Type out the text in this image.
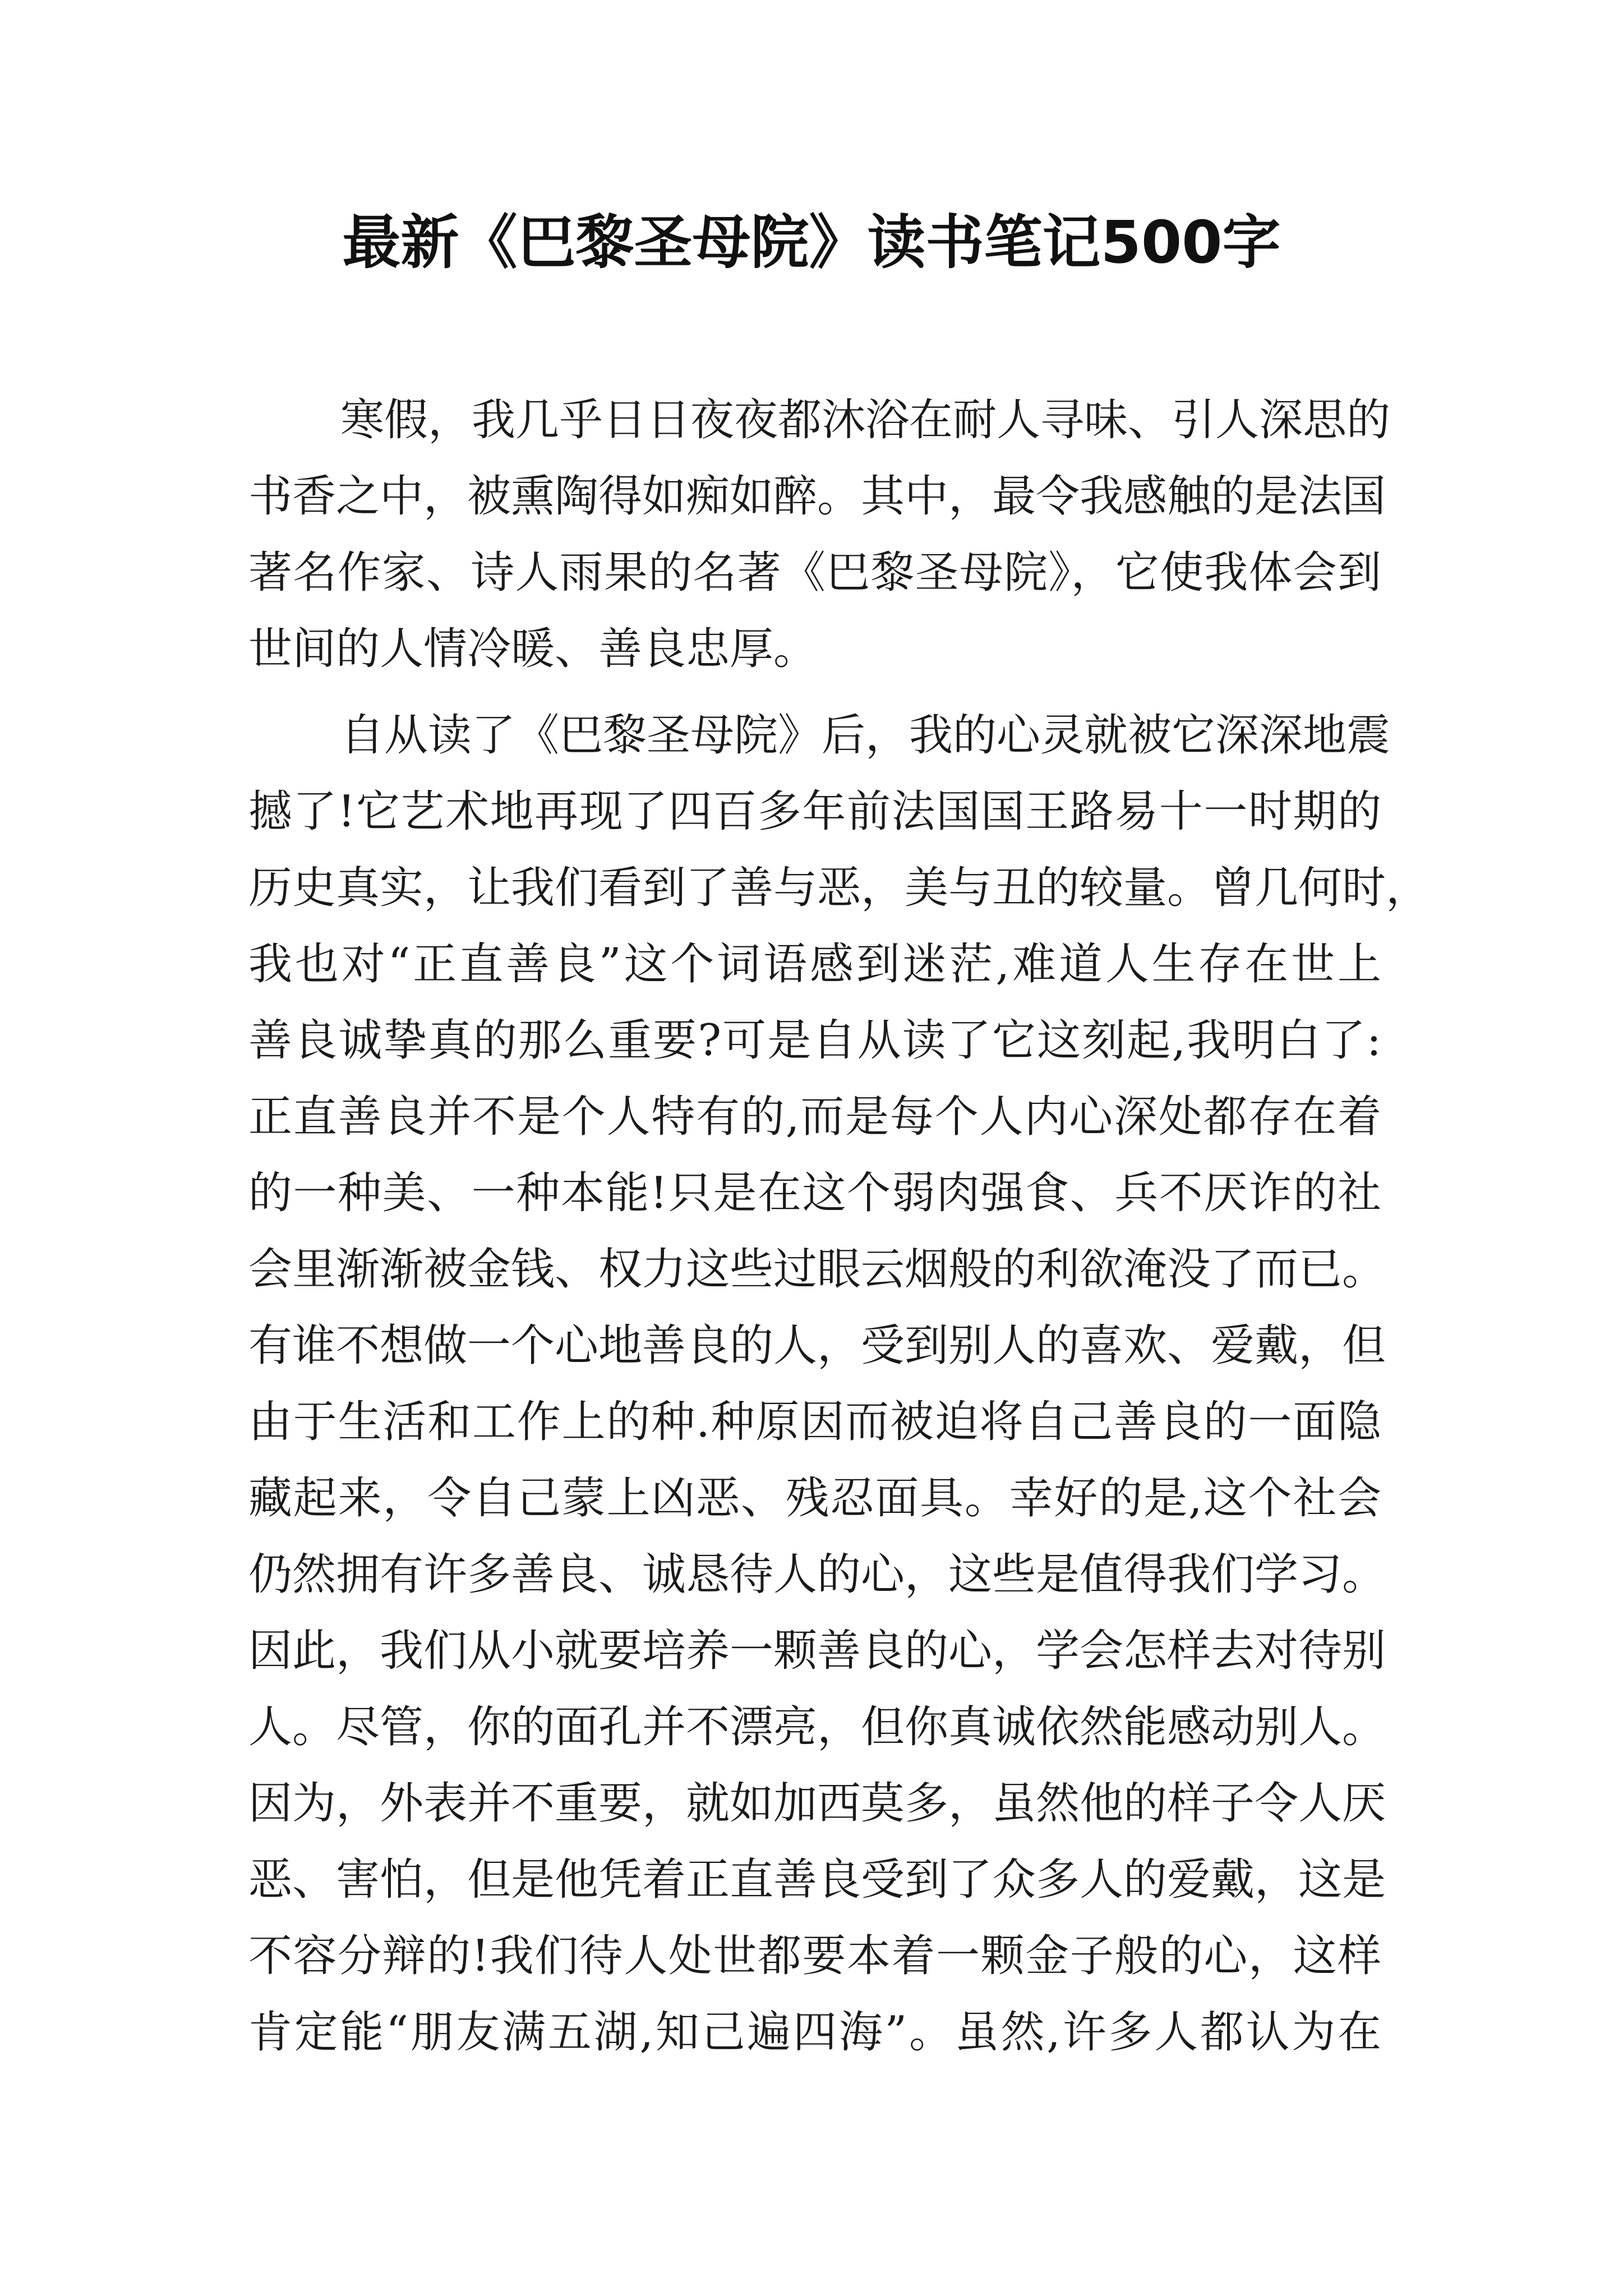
最新《巴黎圣母院》读书笔记500字
寒假，我几乎日日夜夜都沐浴在耐人寻味、引人深思的
书香之中，被熏陶得如痴如醉。其中，最令我感触的是法国
著名作家、诗人雨果的名著《巴黎圣母院》，它使我体会到
世间的人情冷暖、善良忠厚。
自从读了《巴黎圣母院》后，我的心灵就被它深深地震
撼了!它艺术地再现了四百多年前法国国王路易十一时期的
历史真实，让我们看到了善与恶，美与丑的较量。曾几何时，
我也对“正直善良”这个词语感到迷茫,难道人生存在世上
善良诚挚真的那么重要?可是自从读了它这刻起,我明白了:
正直善良并不是个人特有的,而是每个人内心深处都存在着
的一种美、一种本能!只是在这个弱肉强食、兵不厌诈的社
会里渐渐被金钱、权力这些过眼云烟般的利欲淹没了而已。
有谁不想做一个心地善良的人，受到别人的喜欢、爱戴，但
由于生活和工作上的种.种原因而被迫将自己善良的一面隐
藏起来，令自己蒙上凶恶、残忍面具。幸好的是,这个社会
仍然拥有许多善良、诚恳待人的心，这些是值得我们学习。
因此，我们从小就要培养一颗善良的心，学会怎样去对待别
人。尽管，你的面孔并不漂亮，但你真诚依然能感动别人。
因为，外表并不重要，就如加西莫多，虽然他的样子令人厌
恶、害怕，但是他凭着正直善良受到了众多人的爱戴，这是
不容分辩的!我们待人处世都要本着一颗金子般的心，这样
肯定能“朋友满五湖,知己遍四海”。虽然,许多人都认为在
